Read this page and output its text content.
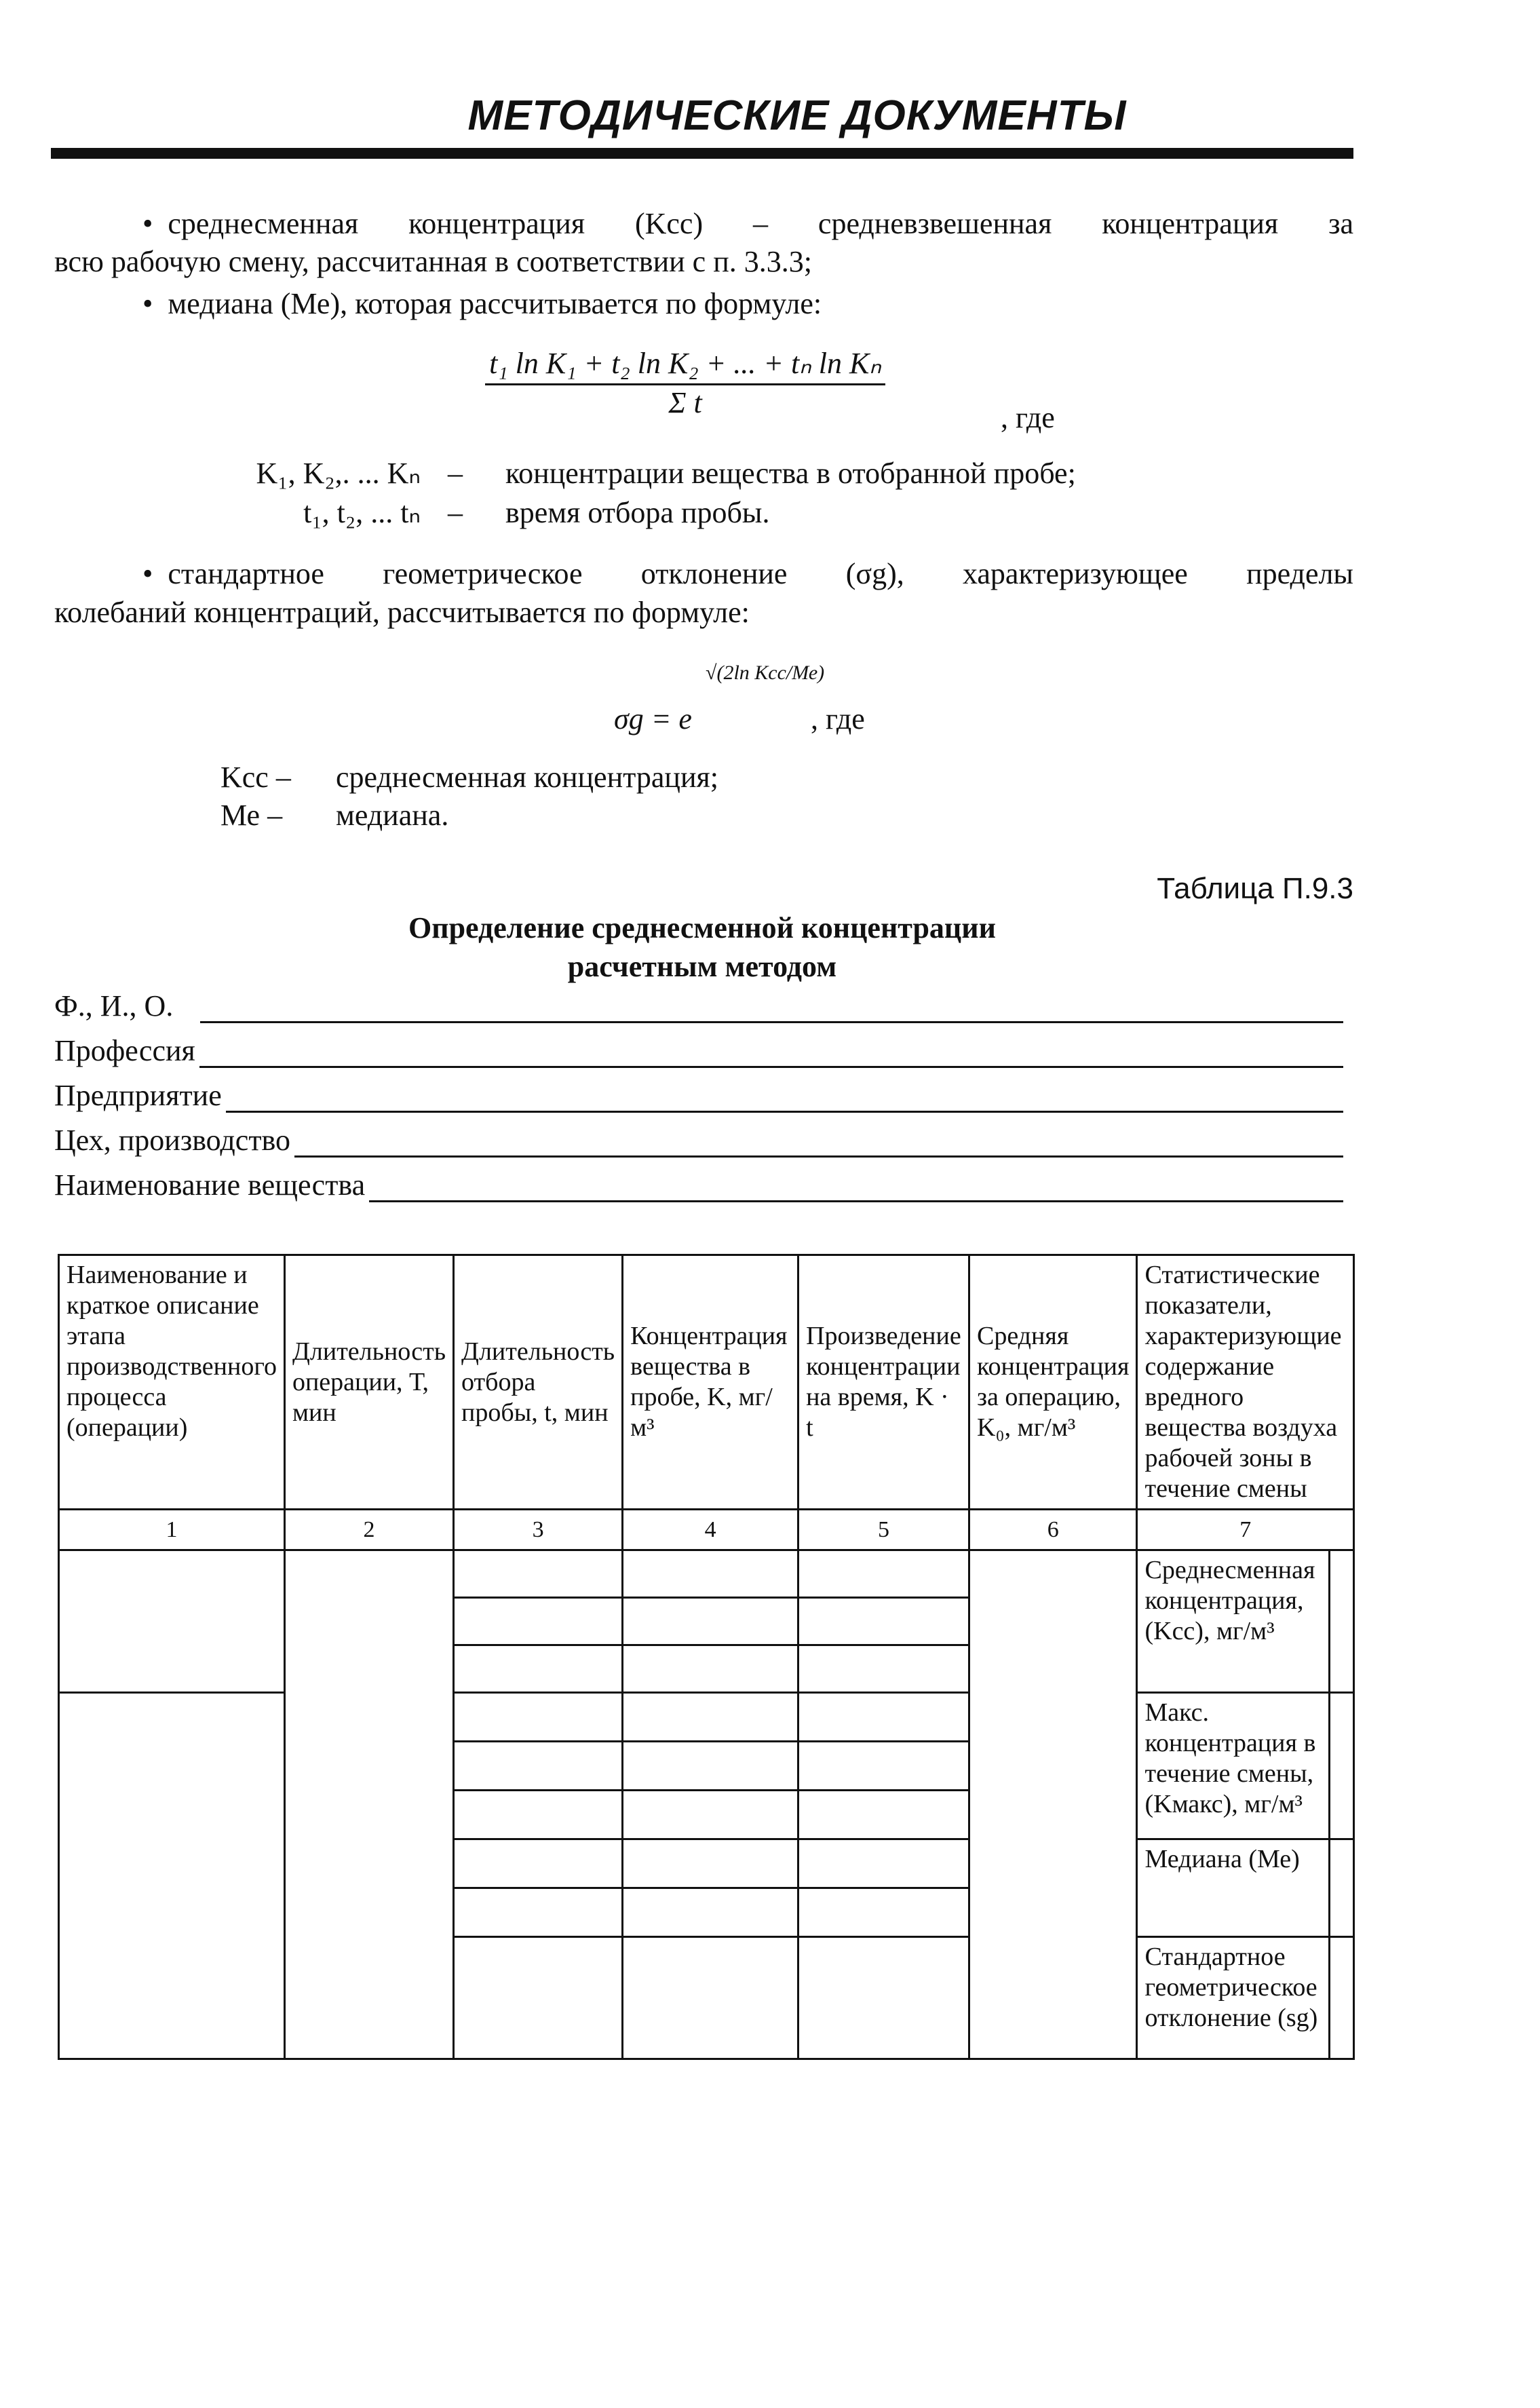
МЕТОДИЧЕСКИЕ ДОКУМЕНТЫ
• среднесменная концентрация (Kсс) – средневзвешенная концентрация за
всю рабочую смену, рассчитанная в соответствии с п. 3.3.3;
• медиана (Ме), которая рассчитывается по формуле:
$\frac{\text{t₁ ln K₁ + t₂ ln K₂ + ... + tₙ ln Kₙ}}{\text{Σ t}}$ , где
K₁, K₂,. ... Kₙ – концентрации вещества в отобранной пробе;
t₁, t₂, ... tₙ – время отбора пробы.
• стандартное геометрическое отклонение (σg), характеризующее пределы
колебаний концентраций, рассчитывается по формуле:
σg = e
√(2ln Kсс/Ме)
, где
Kсс – среднесменная концентрация;
Ме – медиана.
Таблица П.9.3
Определение среднесменной концентрации
расчетным методом
Ф., И., О.
Профессия
Предприятие
Цех, производство
Наименование вещества
Наименование и краткое описание этапа производственного процесса (операции)	Длительность операции, Т, мин	Длительность отбора пробы, t, мин	Концентрация вещества в пробе, K, мг/м³	Произведение концентрации на время, K · t	Средняя концентрация за операцию, K₀, мг/м³	Статистические показатели, характеризующие содержание вредного вещества воздуха рабочей зоны в течение смены	
1	2	3	4	5	6	7	
						Среднесменная концентрация,(Kсс), мг/м³	

						Макс. концентрация в течение смены, (Kмакс), мг/м³	

						Медиана (Ме)	

						Стандартное геометрическое отклонение (sg)	
